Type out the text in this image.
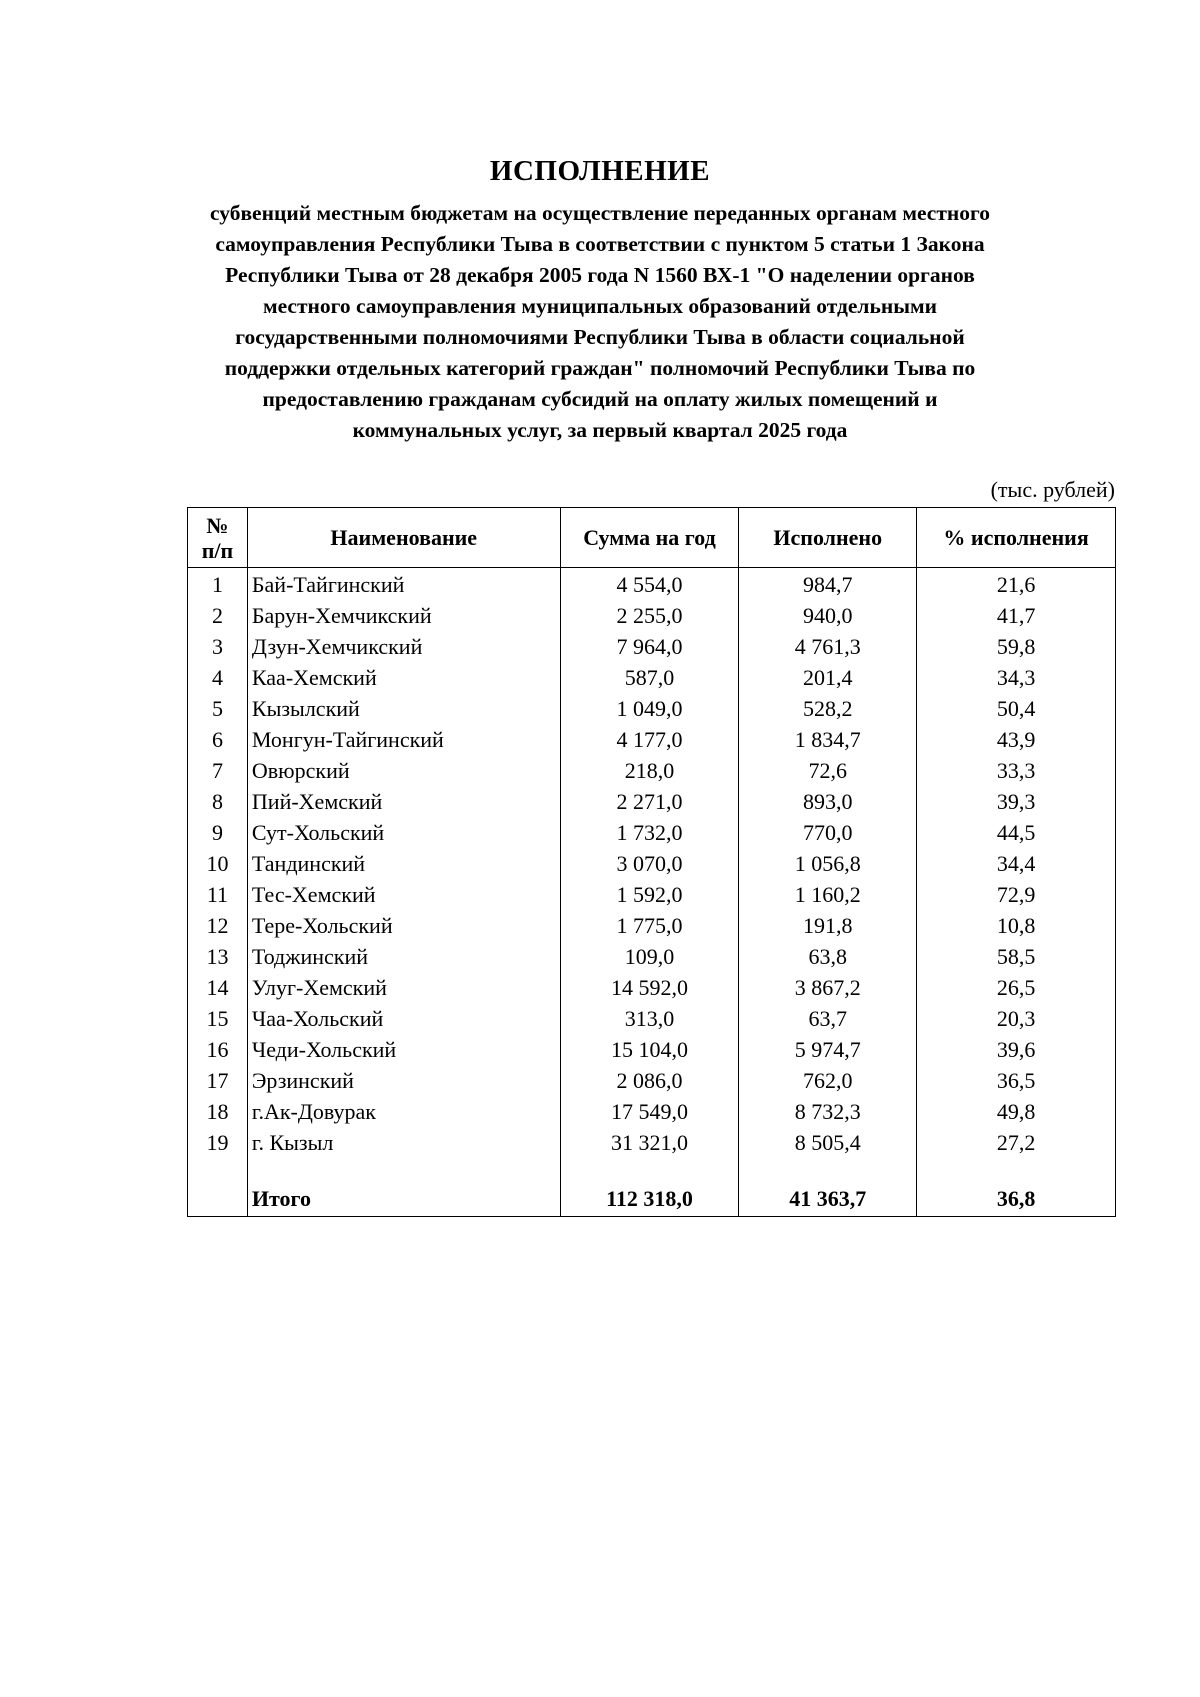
ИСПОЛНЕНИЕ
субвенций местным бюджетам на осуществление переданных органам местного
самоуправления Республики Тыва в соответствии с пунктом 5 статьи 1 Закона
Республики Тыва от 28 декабря 2005 года N 1560 ВХ-1 "О наделении органов
местного самоуправления муниципальных образований отдельными
государственными полномочиями Республики Тыва в области социальной
поддержки отдельных категорий граждан" полномочий Республики Тыва по
предоставлению гражданам субсидий на оплату жилых помещений и
коммунальных услуг, за первый квартал 2025 года
(тыс. рублей)
№
п/п	Наименование	Сумма на год	Исполнено	% исполнения
1	Бай-Тайгинский	4 554,0	984,7	21,6
2	Барун-Хемчикский	2 255,0	940,0	41,7
3	Дзун-Хемчикский	7 964,0	4 761,3	59,8
4	Каа-Хемский	587,0	201,4	34,3
5	Кызылский	1 049,0	528,2	50,4
6	Монгун-Тайгинский	4 177,0	1 834,7	43,9
7	Овюрский	218,0	72,6	33,3
8	Пий-Хемский	2 271,0	893,0	39,3
9	Сут-Хольский	1 732,0	770,0	44,5
10	Тандинский	3 070,0	1 056,8	34,4
11	Тес-Хемский	1 592,0	1 160,2	72,9
12	Тере-Хольский	1 775,0	191,8	10,8
13	Тоджинский	109,0	63,8	58,5
14	Улуг-Хемский	14 592,0	3 867,2	26,5
15	Чаа-Хольский	313,0	63,7	20,3
16	Чеди-Хольский	15 104,0	5 974,7	39,6
17	Эрзинский	2 086,0	762,0	36,5
18	г.Ак-Довурак	17 549,0	8 732,3	49,8
19	г. Кызыл	31 321,0	8 505,4	27,2

	Итого	112 318,0	41 363,7	36,8
